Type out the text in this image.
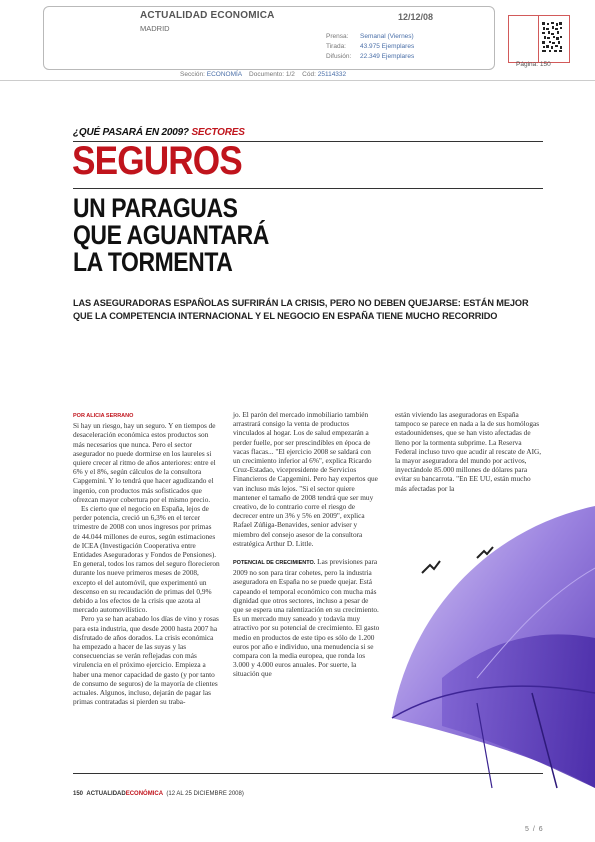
ACTUALIDAD ECONOMICA
MADRID
12/12/08
Prensa: Semanal (Viernes)
Tirada: 43.975 Ejemplares
Difusión: 22.349 Ejemplares
Página: 150
Sección: ECONOMÍA Documento: 1/2 Cód: 25114332
¿QUÉ PASARÁ EN 2009? SECTORES
SEGUROS
UN PARAGUAS
QUE AGUANTARÁ
LA TORMENTA
LAS ASEGURADORAS ESPAÑOLAS SUFRIRÁN LA CRISIS, PERO NO DEBEN QUEJARSE: ESTÁN MEJOR
QUE LA COMPETENCIA INTERNACIONAL Y EL NEGOCIO EN ESPAÑA TIENE MUCHO RECORRIDO

POR ALICIA SERRANO

Si hay un riesgo, hay un seguro. Y en tiempos de desaceleración económica estos productos son más necesarios que nunca. Pero el sector asegurador no puede dormirse en los laureles si quiere crecer al ritmo de años anteriores: entre el 6% y el 8%, según cálculos de la consultora Capgemini. Y lo tendrá que hacer agudizando el ingenio, con productos más sofisticados que ofrezcan mayor cobertura por el mismo precio.

Es cierto que el negocio en España, lejos de perder potencia, creció un 6,3% en el tercer trimestre de 2008 con unos ingresos por primas de 44.044 millones de euros, según estimaciones de ICEA (Investigación Cooperativa entre Entidades Aseguradoras y Fondos de Pensiones). En general, todos los ramos del seguro florecieron durante los nueve primeros meses de 2008, excepto el del automóvil, que experimentó un descenso en su recaudación de primas del 0,9% debido a los efectos de la crisis que azota al mercado automovilístico.

Pero ya se han acabado los días de vino y rosas para esta industria, que desde 2000 hasta 2007 ha disfrutado de años dorados. La crisis económica ha empezado a hacer de las suyas y las consecuencias se verán reflejadas con más virulencia en el próximo ejercicio. Empieza a haber una menor capacidad de gasto (y por tanto de consumo de seguros) de la mayoría de clientes actuales. Algunos, incluso, dejarán de pagar las primas contratadas si pierden su traba-

jo. El parón del mercado inmobiliario también arrastrará consigo la venta de productos vinculados al hogar. Los de salud empezarán a perder fuelle, por ser prescindibles en época de vacas flacas... "El ejercicio 2008 se saldará con un crecimiento inferior al 6%", explica Ricardo Cruz-Estadao, vicepresidente de Servicios Financieros de Capgemini. Pero hay expertos que van incluso más lejos. "Si el sector quiere mantener el tamaño de 2008 tendrá que ser muy creativo, de lo contrario corre el riesgo de decrecer entre un 3% y 5% en 2009", explica Rafael Zúñiga-Benavides, senior adviser y miembro del consejo asesor de la consultora estratégica Arthur D. Little.

POTENCIAL DE CRECIMIENTO. Las previsiones para 2009 no son para tirar cohetes, pero la industria aseguradora en España no se puede quejar. Está capeando el temporal económico con mucha más dignidad que otros sectores, incluso a pesar de que se espera una ralentización en su crecimiento. Es un mercado muy saneado y todavía muy atractivo por su potencial de crecimiento. El gasto medio en productos de este tipo es sólo de 1.200 euros por año e individuo, una menudencia si se compara con la media europea, que ronda los 3.000 y 4.000 euros anuales. Por suerte, la situación que

están viviendo las aseguradoras en España tampoco se parece en nada a la de sus homólogas estadounidenses, que se han visto afectadas de lleno por la tormenta subprime. La Reserva Federal incluso tuvo que acudir al rescate de AIG, la mayor aseguradora del mundo por activos, inyectándole 85.000 millones de dólares para evitar su bancarrota. "En EE UU, están mucho más afectadas por la

150 ACTUALIDADECONÓMICA (12 AL 25 DICIEMBRE 2008)
5 / 6
